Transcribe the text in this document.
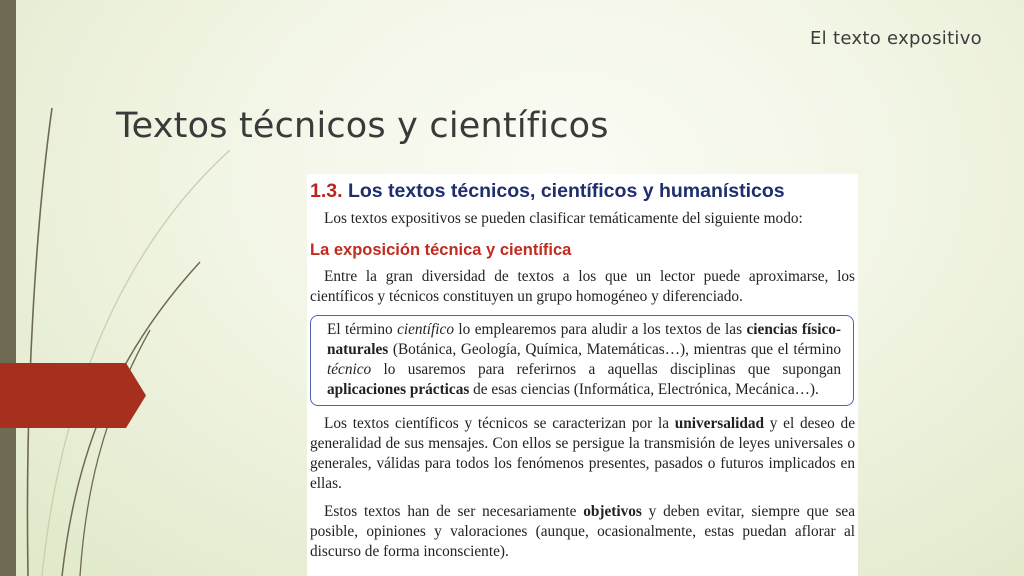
El texto expositivo
Textos técnicos y científicos
1.3. Los textos técnicos, científicos y humanísticos

Los textos expositivos se pueden clasificar temáticamente del siguiente modo:

La exposición técnica y científica

Entre la gran diversidad de textos a los que un lector puede aproximarse, los científicos y técnicos constituyen un grupo homogéneo y diferenciado.

El término científico lo emplearemos para aludir a los textos de las ciencias físico-naturales (Botánica, Geología, Química, Matemáticas…), mientras que el término técnico lo usaremos para referirnos a aquellas disciplinas que supongan aplicaciones prácticas de esas ciencias (Informática, Electrónica, Mecánica…).

Los textos científicos y técnicos se caracterizan por la universalidad y el deseo de generalidad de sus mensajes. Con ellos se persigue la transmisión de leyes universales o generales, válidas para todos los fenómenos presentes, pasados o futuros implicados en ellas.

Estos textos han de ser necesariamente objetivos y deben evitar, siempre que sea posible, opiniones y valoraciones (aunque, ocasionalmente, estas puedan aflorar al discurso de forma inconsciente).
